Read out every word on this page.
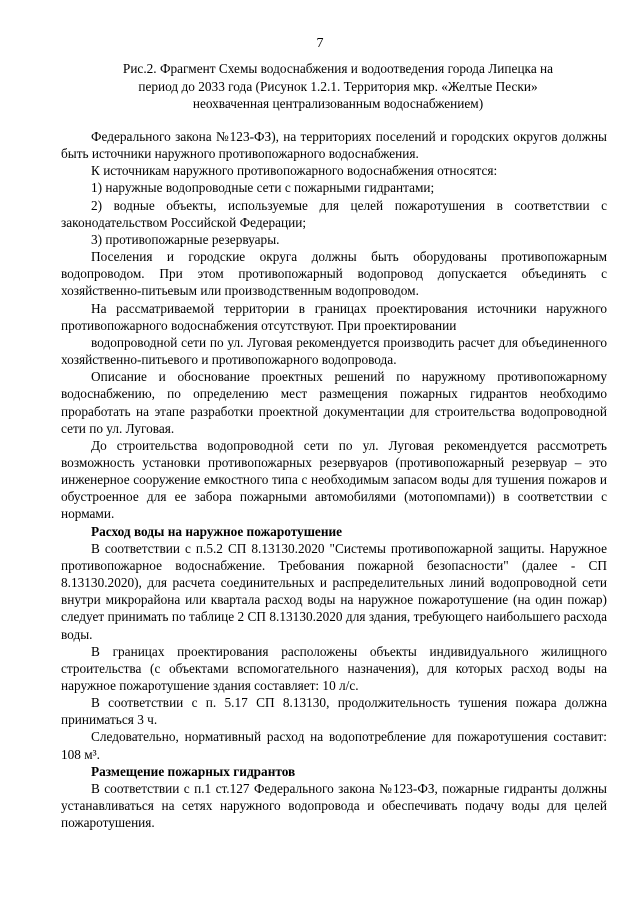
7
Рис.2. Фрагмент Схемы водоснабжения и водоотведения города Липецка на
период до 2033 года (Рисунок 1.2.1. Территория мкр. «Желтые Пески»
неохваченная централизованным водоснабжением)

Федерального закона №123-ФЗ), на территориях поселений и городских округов должны быть источники наружного противопожарного водоснабжения.

К источникам наружного противопожарного водоснабжения относятся:

1) наружные водопроводные сети с пожарными гидрантами;

2) водные объекты, используемые для целей пожаротушения в соответствии с законодательством Российской Федерации;

3) противопожарные резервуары.

Поселения и городские округа должны быть оборудованы противопожарным водопроводом. При этом противопожарный водопровод допускается объединять с хозяйственно-питьевым или производственным водопроводом.

На рассматриваемой территории в границах проектирования источники наружного противопожарного водоснабжения отсутствуют. При проектировании

водопроводной сети по ул. Луговая рекомендуется производить расчет для объединенного хозяйственно-питьевого и противопожарного водопровода.

Описание и обоснование проектных решений по наружному противопожарному водоснабжению, по определению мест размещения пожарных гидрантов необходимо проработать на этапе разработки проектной документации для строительства водопроводной сети по ул. Луговая.

До строительства водопроводной сети по ул. Луговая рекомендуется рассмотреть возможность установки противопожарных резервуаров (противопожарный резервуар – это инженерное сооружение емкостного типа с необходимым запасом воды для тушения пожаров и обустроенное для ее забора пожарными автомобилями (мотопомпами)) в соответствии с нормами.

Расход воды на наружное пожаротушение

В соответствии с п.5.2 СП 8.13130.2020 "Системы противопожарной защиты. Наружное противопожарное водоснабжение. Требования пожарной безопасности" (далее - СП 8.13130.2020), для расчета соединительных и распределительных линий водопроводной сети внутри микрорайона или квартала расход воды на наружное пожаротушение (на один пожар) следует принимать по таблице 2 СП 8.13130.2020 для здания, требующего наибольшего расхода воды.

В границах проектирования расположены объекты индивидуального жилищного строительства (с объектами вспомогательного назначения), для которых расход воды на наружное пожаротушение здания составляет: 10 л/с.

В соответствии с п. 5.17 СП 8.13130, продолжительность тушения пожара должна приниматься 3 ч.

Следовательно, нормативный расход на водопотребление для пожаротушения составит: 108 м³.

Размещение пожарных гидрантов

В соответствии с п.1 ст.127 Федерального закона №123-ФЗ, пожарные гидранты должны устанавливаться на сетях наружного водопровода и обеспечивать подачу воды для целей пожаротушения.
